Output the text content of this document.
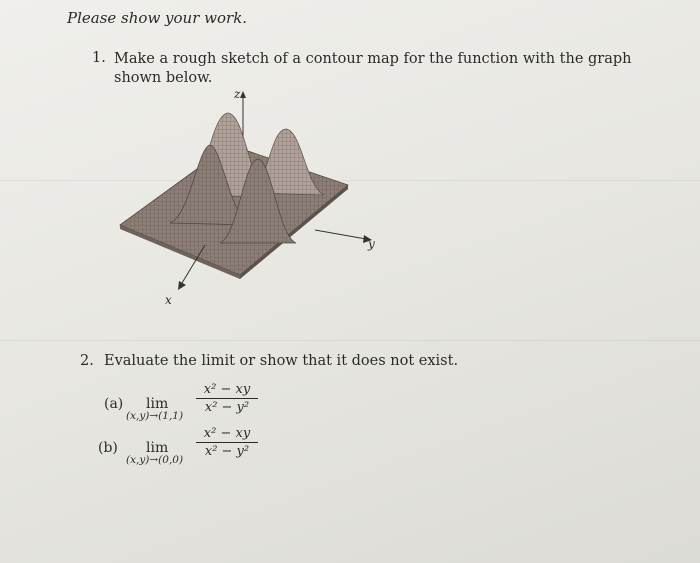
Please show your work.
1. Make a rough sketch of a contour map for the function with the graph shown below.
z
y
x
2. Evaluate the limit or show that it does not exist.
(a) lim
(x,y)→(1,1)
$\frac{\text{x² − xy}}{\text{x² − y²}}$
(b) lim
(x,y)→(0,0)
$\frac{\text{x² − xy}}{\text{x² − y²}}$
